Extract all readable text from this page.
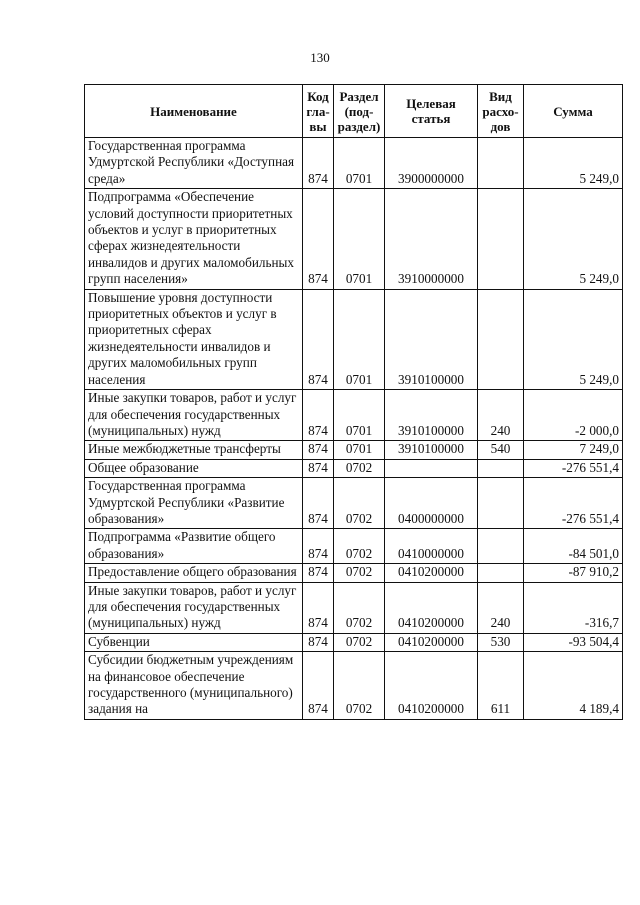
130
Наименование	Код гла-вы	Раздел (под-раздел)	Целевая статья	Вид расхо-дов	Сумма
Государственная программа Удмуртской Республики «Доступная среда»	874	0701	3900000000		5 249,0
Подпрограмма «Обеспечение условий доступности приоритетных объектов и услуг в приоритетных сферах жизнедеятельности инвалидов и других маломобильных групп населения»	874	0701	3910000000		5 249,0
Повышение уровня доступности приоритетных объектов и услуг в приоритетных сферах жизнедеятельности инвалидов и других маломобильных групп населения	874	0701	3910100000		5 249,0
Иные закупки товаров, работ и услуг для обеспечения государственных (муниципальных) нужд	874	0701	3910100000	240	-2 000,0
Иные межбюджетные трансферты	874	0701	3910100000	540	7 249,0
Общее образование	874	0702			-276 551,4
Государственная программа Удмуртской Республики «Развитие образования»	874	0702	0400000000		-276 551,4
Подпрограмма «Развитие общего образования»	874	0702	0410000000		-84 501,0
Предоставление общего образования	874	0702	0410200000		-87 910,2
Иные закупки товаров, работ и услуг для обеспечения государственных (муниципальных) нужд	874	0702	0410200000	240	-316,7
Субвенции	874	0702	0410200000	530	-93 504,4
Субсидии бюджетным учреждениям на финансовое обеспечение государственного (муниципального) задания на	874	0702	0410200000	611	4 189,4
